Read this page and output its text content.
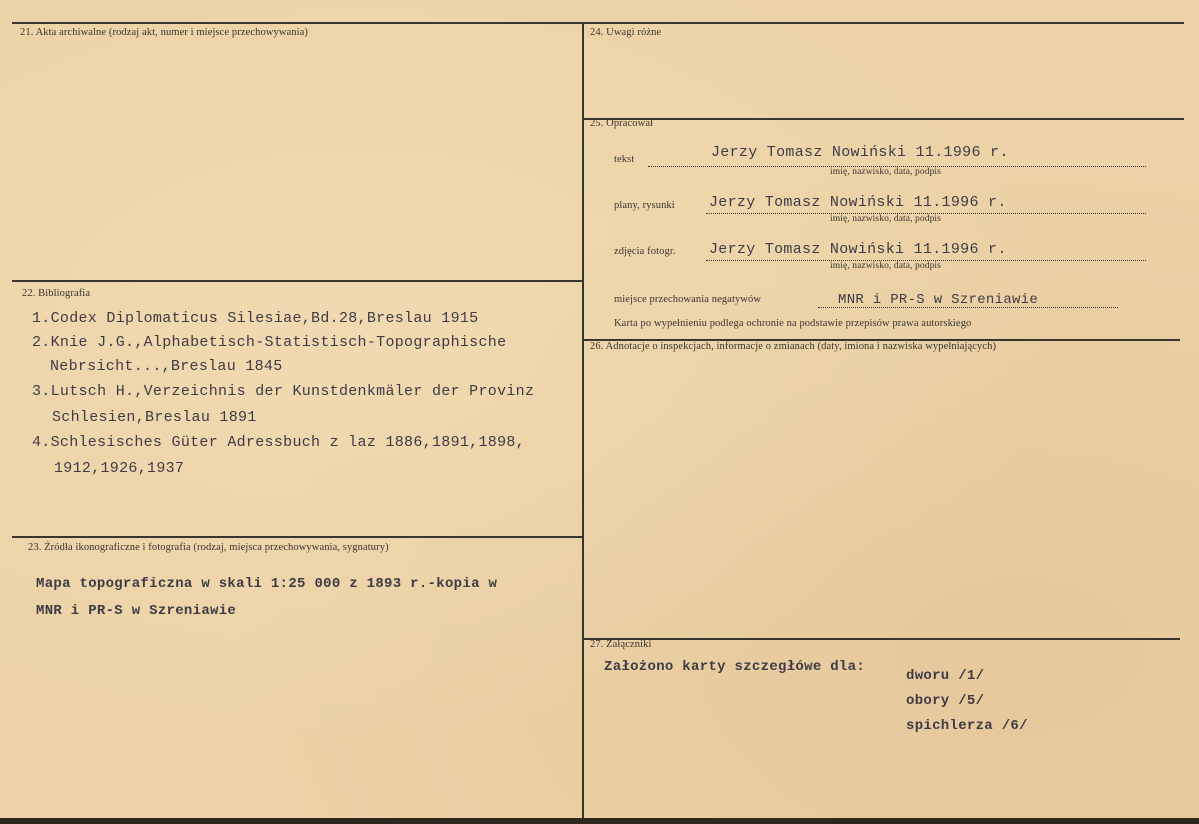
21. Akta archiwalne (rodzaj akt, numer i miejsce przechowywania)
22. Bibliografia
1.Codex Diplomaticus Silesiae,Bd.28,Breslau 1915
2.Knie J.G.,Alphabetisch-Statistisch-Topographische
Nebrsicht...,Breslau 1845
3.Lutsch H.,Verzeichnis der Kunstdenkmäler der Provinz
Schlesien,Breslau 1891
4.Schlesisches Güter Adressbuch z laz 1886,1891,1898,
1912,1926,1937
23. Źródła ikonograficzne i fotografia (rodzaj, miejsca przechowywania, sygnatury)
Mapa topograficzna w skali 1:25 000 z 1893 r.-kopia w
MNR i PR-S w Szreniawie
24. Uwagi różne
25. Opracował
tekst	Jerzy Tomasz Nowiński 11.1996 r.
imię, nazwisko, data, podpis
plany, rysunki Jerzy Tomasz Nowiński 11.1996 r.
imię, nazwisko, data, podpis
zdjęcia fotogr. Jerzy Tomasz Nowiński 11.1996 r.
imię, nazwisko, data, podpis
miejsce przechowania negatywów	MNR i PR-S w Szreniawie
Karta po wypełnieniu podlega ochronie na podstawie przepisów prawa autorskiego
26. Adnotacje o inspekcjach, informacje o zmianach (daty, imiona i nazwiska wypełniających)
27. Załączniki
Założono karty szczegłówe dla:
dworu /1/
obory /5/
spichlerza /6/
